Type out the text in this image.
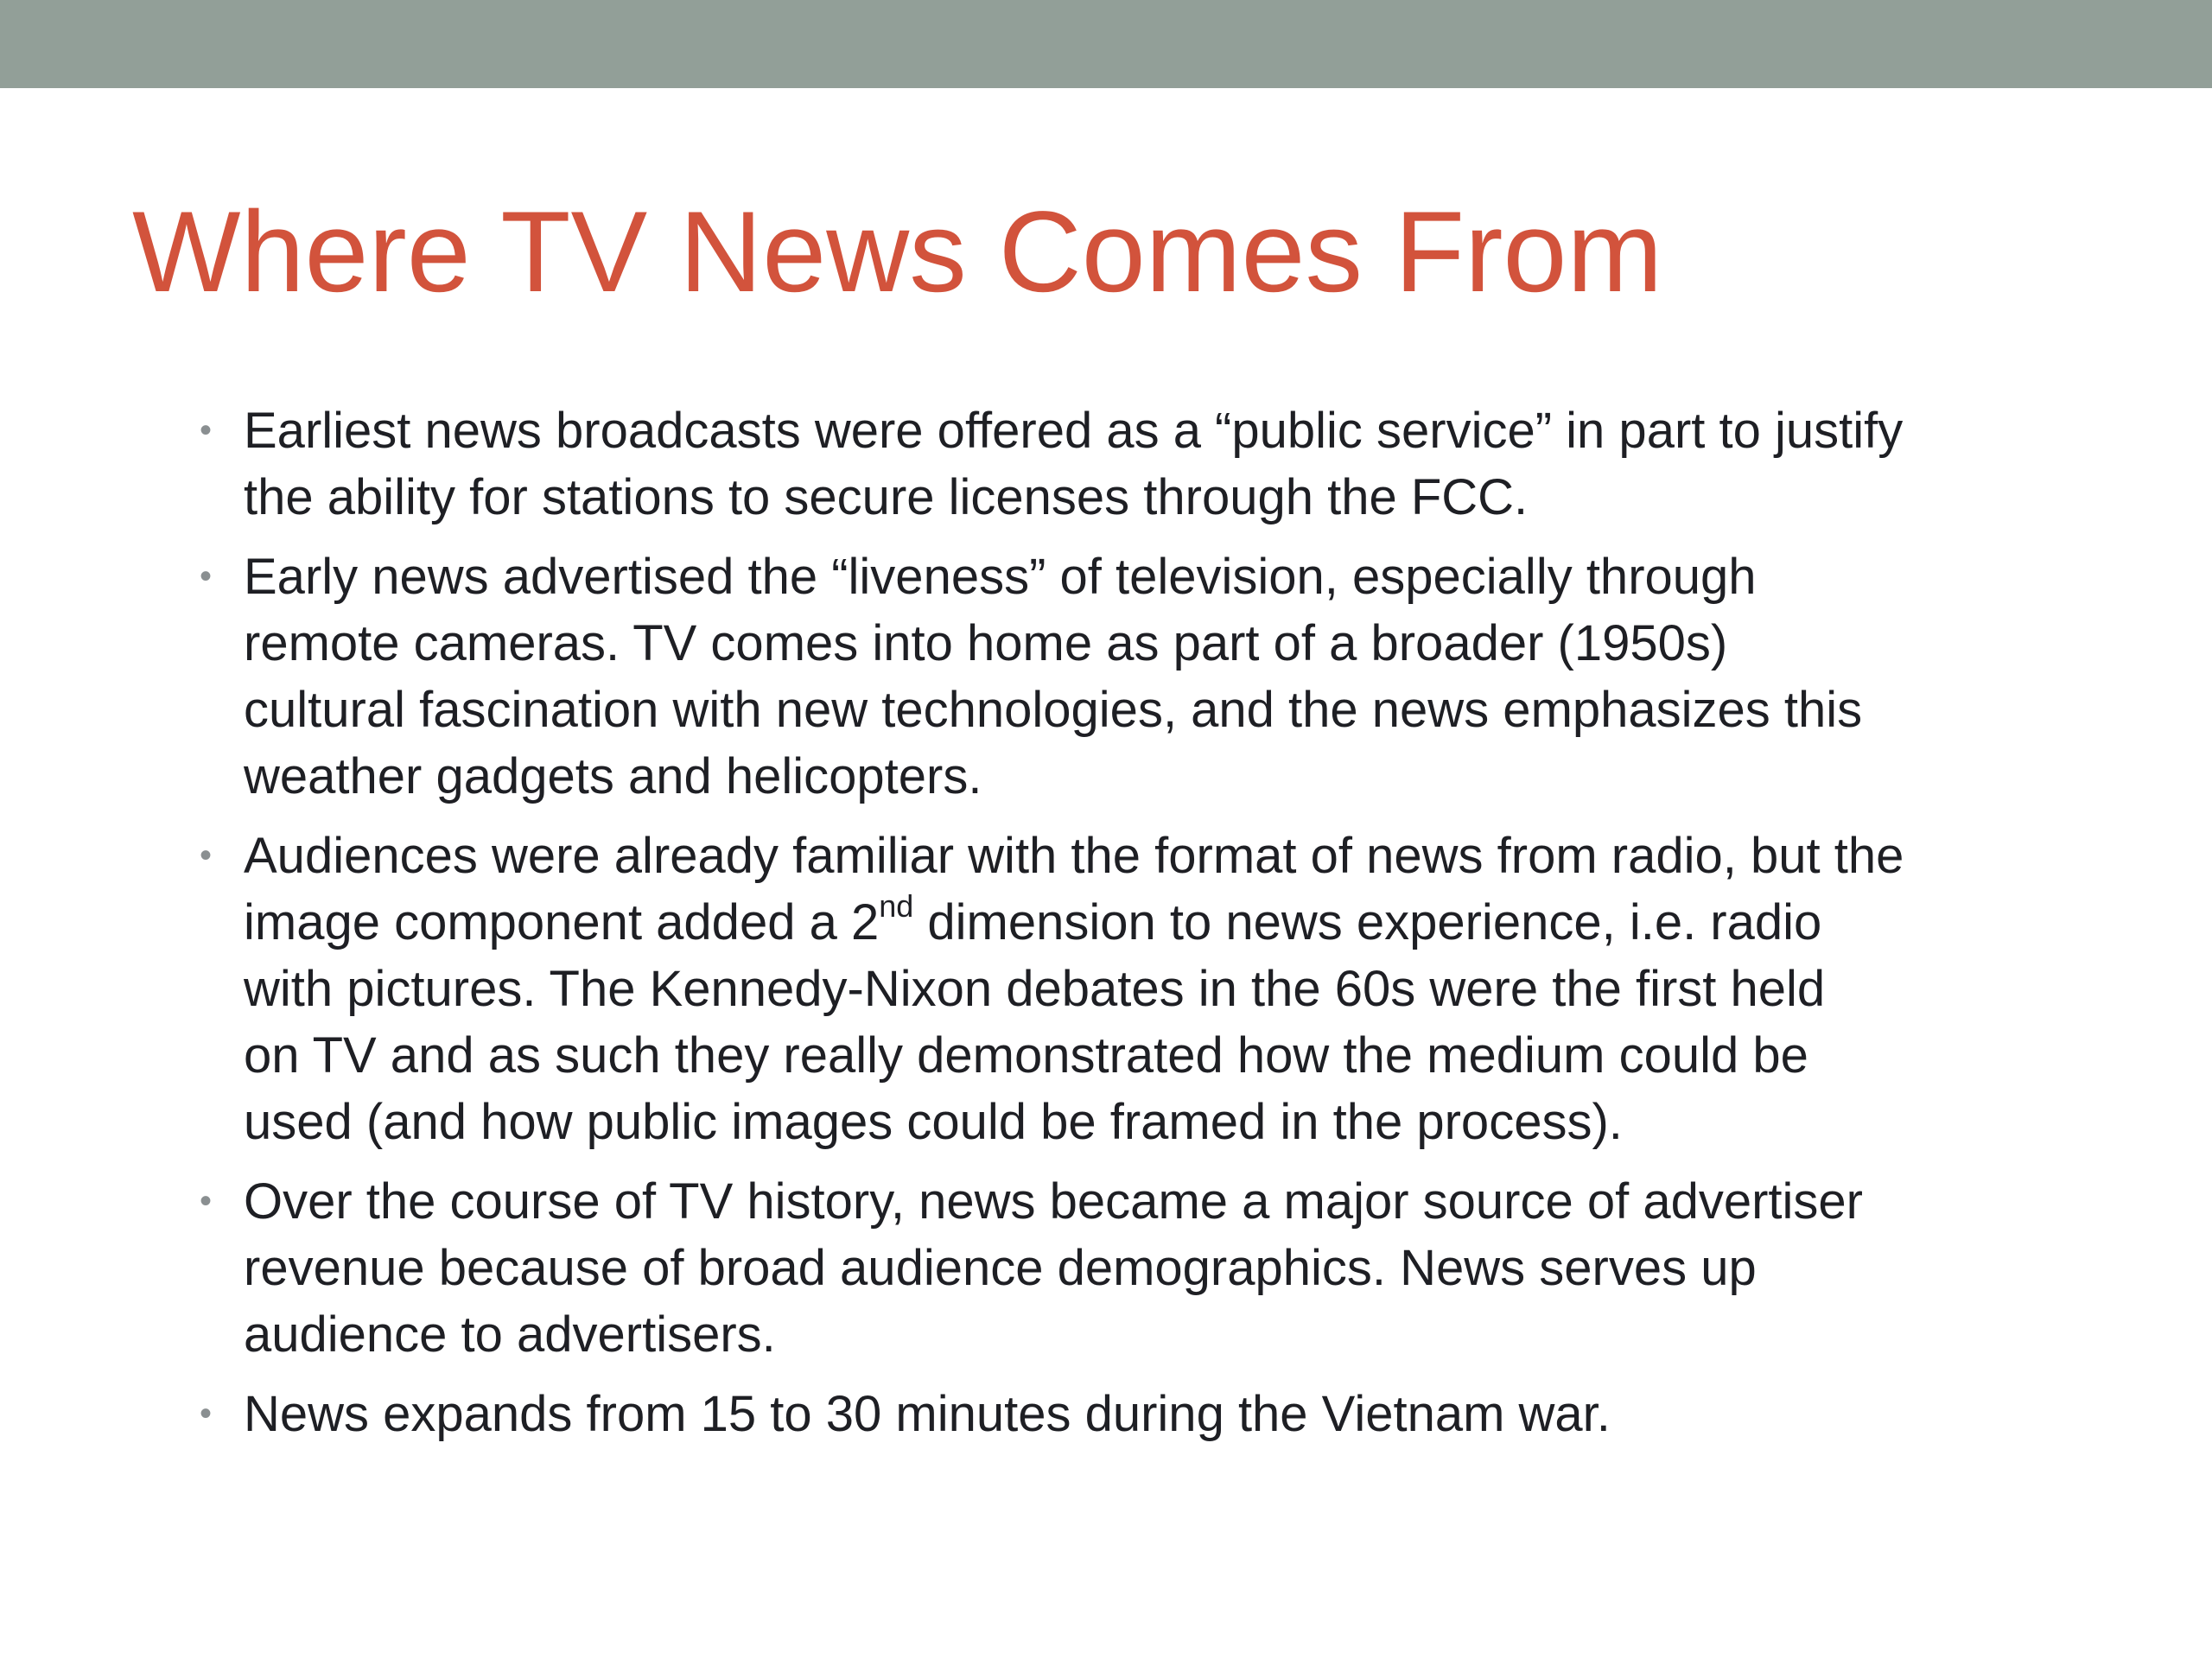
Where TV News Comes From
• Earliest news broadcasts were offered as a “public service” in part to justify
the ability for stations to secure licenses through the FCC.
• Early news advertised the “liveness” of television, especially through
remote cameras. TV comes into home as part of a broader (1950s)
cultural fascination with new technologies, and the news emphasizes this
weather gadgets and helicopters.
• Audiences were already familiar with the format of news from radio, but the
image component added a 2nd dimension to news experience, i.e. radio
with pictures. The Kennedy-Nixon debates in the 60s were the first held
on TV and as such they really demonstrated how the medium could be
used (and how public images could be framed in the process).
• Over the course of TV history, news became a major source of advertiser
revenue because of broad audience demographics. News serves up
audience to advertisers.
• News expands from 15 to 30 minutes during the Vietnam war.
